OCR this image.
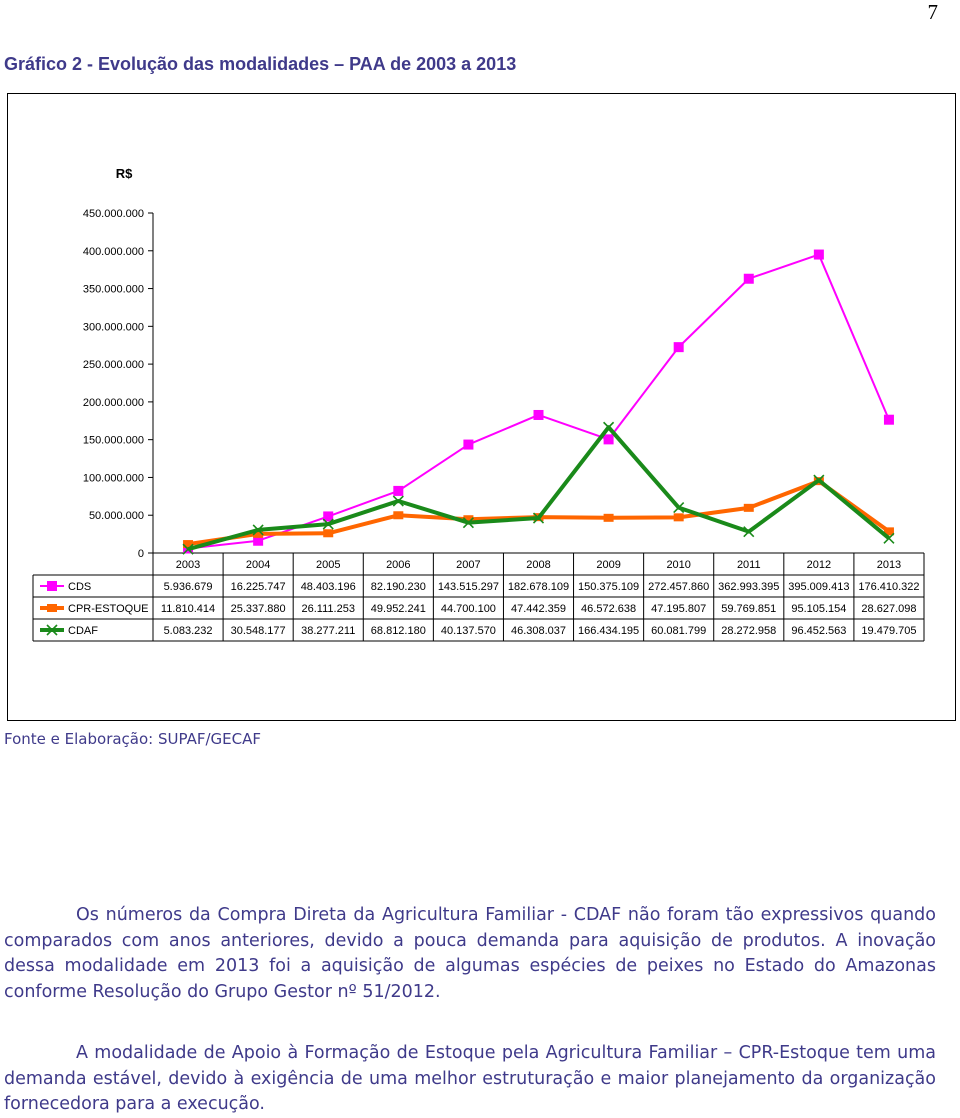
7
Gráfico 2 - Evolução das modalidades – PAA de 2003 a 2013
R$
0
50.000.000
100.000.000
150.000.000
200.000.000
250.000.000
300.000.000
350.000.000
400.000.000
450.000.000
2003	2004	2005	2006	2007	2008	2009	2010	2011	2012	2013
CDS	5.936.679 16.225.747 48.403.196 82.190.230 143.515.297 182.678.109 150.375.109 272.457.860 362.993.395 395.009.413 176.410.322
CPR-ESTOQUE 11.810.414 25.337.880 26.111.253 49.952.241 44.700.100 47.442.359 46.572.638 47.195.807 59.769.851 95.105.154 28.627.098
CDAF	5.083.232 30.548.177 38.277.211 68.812.180 40.137.570 46.308.037 166.434.195 60.081.799 28.272.958 96.452.563 19.479.705
Fonte e Elaboração: SUPAF/GECAF

Os números da Compra Direta da Agricultura Familiar - CDAF não foram tão expressivos quando comparados com anos anteriores, devido a pouca demanda para aquisição de produtos. A inovação dessa modalidade em 2013 foi a aquisição de algumas espécies de peixes no Estado do Amazonas conforme Resolução do Grupo Gestor nº 51/2012.

A modalidade de Apoio à Formação de Estoque pela Agricultura Familiar – CPR-Estoque tem uma demanda estável, devido à exigência de uma melhor estruturação e maior planejamento da organização fornecedora para a execução.
